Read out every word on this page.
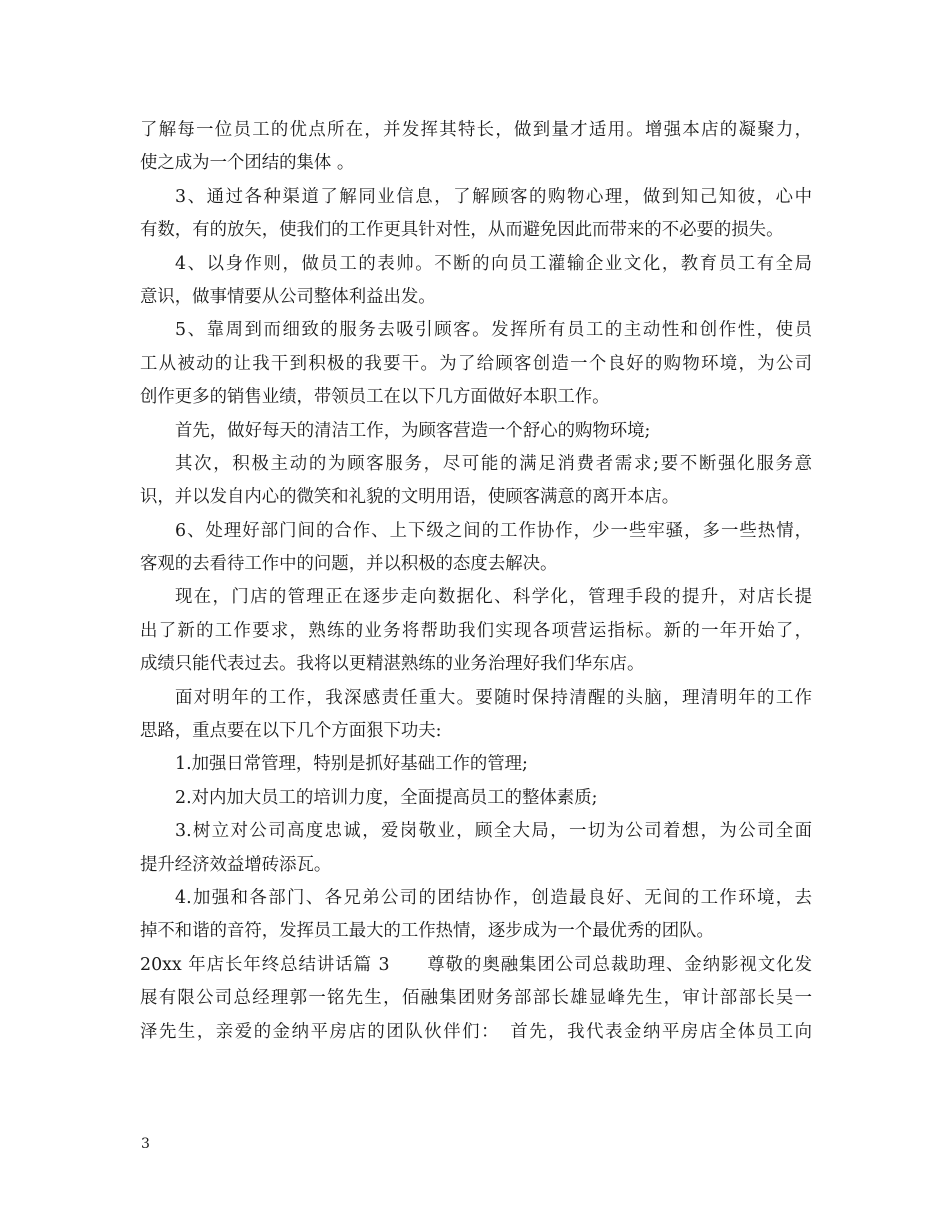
了解每一位员工的优点所在，并发挥其特长，做到量才适用。增强本店的凝聚力，
使之成为一个团结的集体 。
3、通过各种渠道了解同业信息，了解顾客的购物心理，做到知己知彼，心中
有数，有的放矢，使我们的工作更具针对性，从而避免因此而带来的不必要的损失。
4、以身作则，做员工的表帅。不断的向员工灌输企业文化，教育员工有全局
意识，做事情要从公司整体利益出发。
5、靠周到而细致的服务去吸引顾客。发挥所有员工的主动性和创作性，使员
工从被动的让我干到积极的我要干。为了给顾客创造一个良好的购物环境，为公司
创作更多的销售业绩，带领员工在以下几方面做好本职工作。
首先，做好每天的清洁工作，为顾客营造一个舒心的购物环境;
其次，积极主动的为顾客服务，尽可能的满足消费者需求;要不断强化服务意
识，并以发自内心的微笑和礼貌的文明用语，使顾客满意的离开本店。
6、处理好部门间的合作、上下级之间的工作协作，少一些牢骚，多一些热情，
客观的去看待工作中的问题，并以积极的态度去解决。
现在，门店的管理正在逐步走向数据化、科学化，管理手段的提升，对店长提
出了新的工作要求，熟练的业务将帮助我们实现各项营运指标。新的一年开始了，
成绩只能代表过去。我将以更精湛熟练的业务治理好我们华东店。
面对明年的工作，我深感责任重大。要随时保持清醒的头脑，理清明年的工作
思路，重点要在以下几个方面狠下功夫:
1.加强日常管理，特别是抓好基础工作的管理;
2.对内加大员工的培训力度，全面提高员工的整体素质;
3.树立对公司高度忠诚，爱岗敬业，顾全大局，一切为公司着想，为公司全面
提升经济效益增砖添瓦。
4.加强和各部门、各兄弟公司的团结协作，创造最良好、无间的工作环境，去
掉不和谐的音符，发挥员工最大的工作热情，逐步成为一个最优秀的团队。
20xx 年店长年终总结讲话篇 3　　尊敬的奥融集团公司总裁助理、金纳影视文化发
展有限公司总经理郭一铭先生，佰融集团财务部部长雄显峰先生，审计部部长吴一
泽先生，亲爱的金纳平房店的团队伙伴们：　首先，我代表金纳平房店全体员工向
3
